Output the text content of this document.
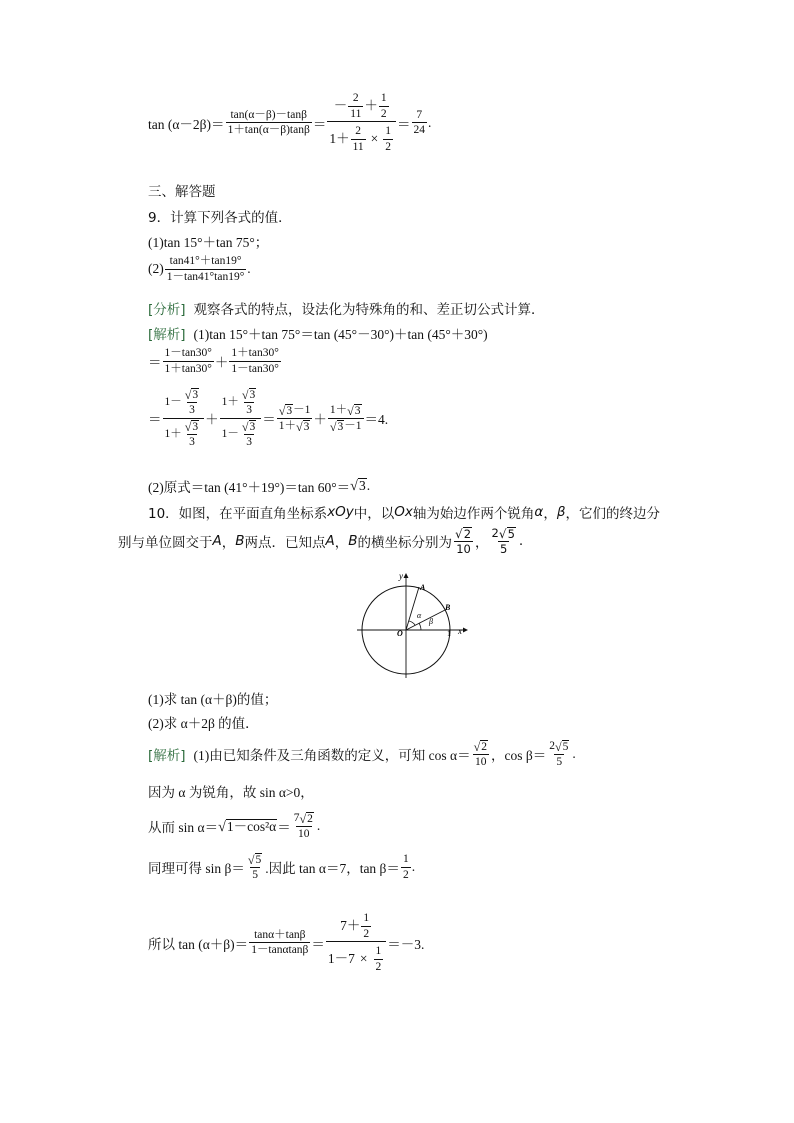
$\tan (\alpha-2\beta)= \frac{\tan(\alpha-\beta)-\tan\beta}{1+\tan(\alpha-\beta)\tan\beta} = \frac{- \frac{2}{11} + \frac{1}{2}}{1+ \frac{2}{11} \times \frac{1}{2}} = \frac{7}{24}$ .
三、解答题
9．计算下列各式的值．
(1)tan 15°＋tan 75°；
$(2) \frac{\tan 41^\circ+\tan 19^\circ}{1-\tan 41^\circ\tan 19^\circ}$ .
[分析] 观察各式的特点，设法化为特殊角的和、差正切公式计算．
[解析] (1)tan 15°＋tan 75°＝tan (45°－30°)＋tan (45°＋30°)
＝ $\frac{1-\tan 30^\circ}{1+\tan 30^\circ} + \frac{1+\tan 30^\circ}{1-\tan 30^\circ}$
＝ $\frac{1 - \frac{√ 3}{3}}{1+ \frac{√ 3}{3}} + \frac{1+ \frac{√ 3}{3}}{1- \frac{√ 3}{3}} = \frac{√ 3 -1}{1+ √ 3} + \frac{1+ √ 3}{√ 3 -1} =4$.
(2)原式＝tan (41°＋19°)＝tan 60°＝ √ 3 .
10．如图，在平面直角坐标系 xOy 中，以 Ox 轴为始边作两个锐角 α ， β ，它们的终边分
别与单位圆交于 A ， B 两点．已知点 A ， B 的横坐标分别为 $\frac{√ 2}{10}$ ， $\frac{2 √ 5}{5}$ .
y
x
O	1
A
B
α
β
(1)求 tan (α＋β)的值；
(2)求 α＋2β 的值．
[解析] (1)由已知条件及三角函数的定义，可知 $\cos \alpha= \frac{√ 2}{10}$ ，$\cos \beta= \frac{2 √ 5}{5}$ .
因为 α 为锐角，故 sin α>0，
从而 sin α＝ √ $1-\cos^2\alpha = \frac{7 √ 2}{10}$ .
同理可得 $\sin \beta= \frac{√ 5}{5}$ .因此 tan α＝7，$\tan \beta= \frac{1}{2}$ .
所以 $\tan (\alpha+\beta)= \frac{\tan\alpha+\tan\beta}{1-\tan\alpha\tan\beta} = \frac{7+ \frac{1}{2}}{1-7 \times \frac{1}{2}} =-3$.
